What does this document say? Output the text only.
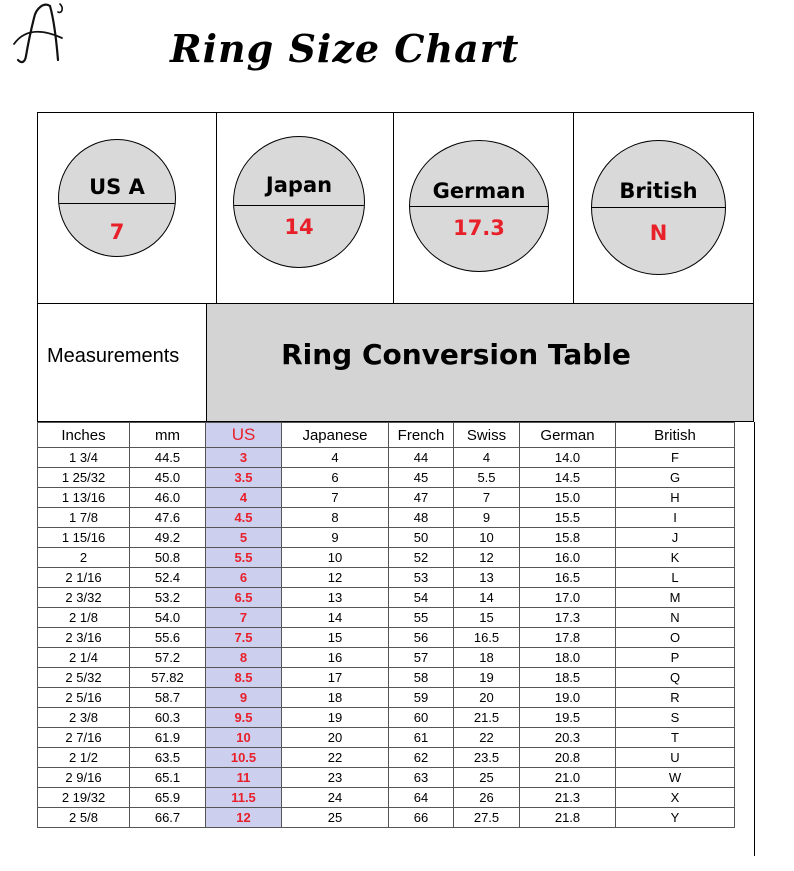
Ring Size Chart
US A
7
Japan
14
German
17.3
British
N
Measurements	Ring Conversion Table
Inches	mm	US	Japanese	French	Swiss	German	British
1 3/4	44.5	3	4	44	4	14.0	F
1 25/32	45.0	3.5	6	45	5.5	14.5	G
1 13/16	46.0	4	7	47	7	15.0	H
1 7/8	47.6	4.5	8	48	9	15.5	I
1 15/16	49.2	5	9	50	10	15.8	J
2	50.8	5.5	10	52	12	16.0	K
2 1/16	52.4	6	12	53	13	16.5	L
2 3/32	53.2	6.5	13	54	14	17.0	M
2 1/8	54.0	7	14	55	15	17.3	N
2 3/16	55.6	7.5	15	56	16.5	17.8	O
2 1/4	57.2	8	16	57	18	18.0	P
2 5/32	57.82	8.5	17	58	19	18.5	Q
2 5/16	58.7	9	18	59	20	19.0	R
2 3/8	60.3	9.5	19	60	21.5	19.5	S
2 7/16	61.9	10	20	61	22	20.3	T
2 1/2	63.5	10.5	22	62	23.5	20.8	U
2 9/16	65.1	11	23	63	25	21.0	W
2 19/32	65.9	11.5	24	64	26	21.3	X
2 5/8	66.7	12	25	66	27.5	21.8	Y
